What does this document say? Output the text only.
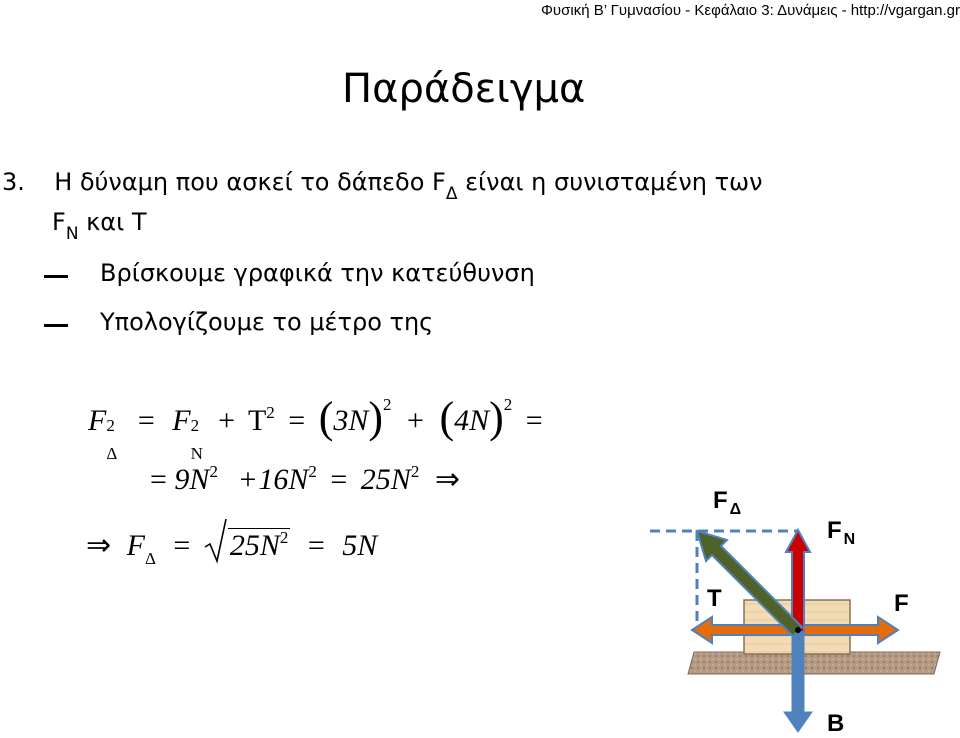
Φυσική Β’ Γυμνασίου - Κεφάλαιο 3: Δυνάμεις - http://vgargan.gr
Παράδειγμα
3. Η δύναμη που ασκεί το δάπεδο $F_\Delta$ είναι η συνισταμένη των
$F_N$ και T
Βρίσκουμε γραφικά την κατεύθυνση
Υπολογίζουμε το μέτρο της
F 2
Δ
= F 2
N
+ $T^2 = (3N)^2 + (4N)^2$ =
= $9N^2 +16N^2 = 25N^2$ ⇒
⇒ $F_\Delta = 25N^2 = 5N$
F $_\Delta$
F $_N$
T	F
B
